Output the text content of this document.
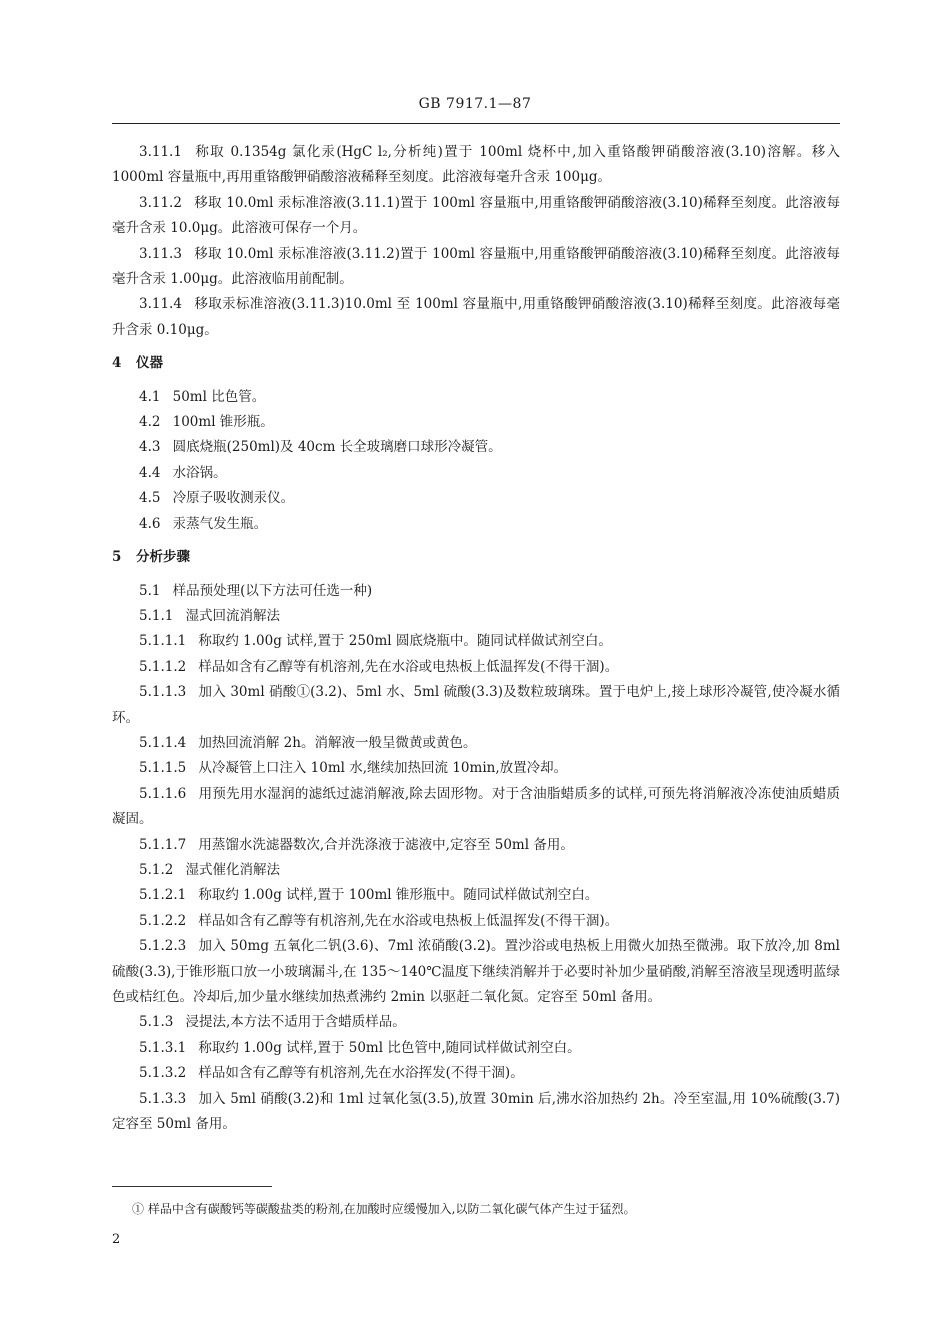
GB 7917.1—87

3.11.1 称取 0.1354g 氯化汞(HgC l₂,分析纯)置于 100ml 烧杯中,加入重铬酸钾硝酸溶液(3.10)溶解。移入 1000ml 容量瓶中,再用重铬酸钾硝酸溶液稀释至刻度。此溶液每毫升含汞 100μg。

3.11.2 移取 10.0ml 汞标准溶液(3.11.1)置于 100ml 容量瓶中,用重铬酸钾硝酸溶液(3.10)稀释至刻度。此溶液每毫升含汞 10.0μg。此溶液可保存一个月。

3.11.3 移取 10.0ml 汞标准溶液(3.11.2)置于 100ml 容量瓶中,用重铬酸钾硝酸溶液(3.10)稀释至刻度。此溶液每毫升含汞 1.00μg。此溶液临用前配制。

3.11.4 移取汞标准溶液(3.11.3)10.0ml 至 100ml 容量瓶中,用重铬酸钾硝酸溶液(3.10)稀释至刻度。此溶液每毫升含汞 0.10μg。

4 仪器

4.1 50ml 比色管。

4.2 100ml 锥形瓶。

4.3 圆底烧瓶(250ml)及 40cm 长全玻璃磨口球形冷凝管。

4.4 水浴锅。

4.5 冷原子吸收测汞仪。

4.6 汞蒸气发生瓶。

5 分析步骤

5.1 样品预处理(以下方法可任选一种)

5.1.1 湿式回流消解法

5.1.1.1 称取约 1.00g 试样,置于 250ml 圆底烧瓶中。随同试样做试剂空白。

5.1.1.2 样品如含有乙醇等有机溶剂,先在水浴或电热板上低温挥发(不得干涸)。

5.1.1.3 加入 30ml 硝酸①(3.2)、5ml 水、5ml 硫酸(3.3)及数粒玻璃珠。置于电炉上,接上球形冷凝管,使冷凝水循环。

5.1.1.4 加热回流消解 2h。消解液一般呈微黄或黄色。

5.1.1.5 从冷凝管上口注入 10ml 水,继续加热回流 10min,放置冷却。

5.1.1.6 用预先用水湿润的滤纸过滤消解液,除去固形物。对于含油脂蜡质多的试样,可预先将消解液冷冻使油质蜡质凝固。

5.1.1.7 用蒸馏水洗滤器数次,合并洗涤液于滤液中,定容至 50ml 备用。

5.1.2 湿式催化消解法

5.1.2.1 称取约 1.00g 试样,置于 100ml 锥形瓶中。随同试样做试剂空白。

5.1.2.2 样品如含有乙醇等有机溶剂,先在水浴或电热板上低温挥发(不得干涸)。

5.1.2.3 加入 50mg 五氧化二钒(3.6)、7ml 浓硝酸(3.2)。置沙浴或电热板上用微火加热至微沸。取下放冷,加 8ml 硫酸(3.3),于锥形瓶口放一小玻璃漏斗,在 135～140℃温度下继续消解并于必要时补加少量硝酸,消解至溶液呈现透明蓝绿色或桔红色。冷却后,加少量水继续加热煮沸约 2min 以驱赶二氧化氮。定容至 50ml 备用。

5.1.3 浸提法,本方法不适用于含蜡质样品。

5.1.3.1 称取约 1.00g 试样,置于 50ml 比色管中,随同试样做试剂空白。

5.1.3.2 样品如含有乙醇等有机溶剂,先在水浴挥发(不得干涸)。

5.1.3.3 加入 5ml 硝酸(3.2)和 1ml 过氧化氢(3.5),放置 30min 后,沸水浴加热约 2h。冷至室温,用 10%硫酸(3.7)定容至 50ml 备用。

① 样品中含有碳酸钙等碳酸盐类的粉剂,在加酸时应缓慢加入,以防二氧化碳气体产生过于猛烈。
2
